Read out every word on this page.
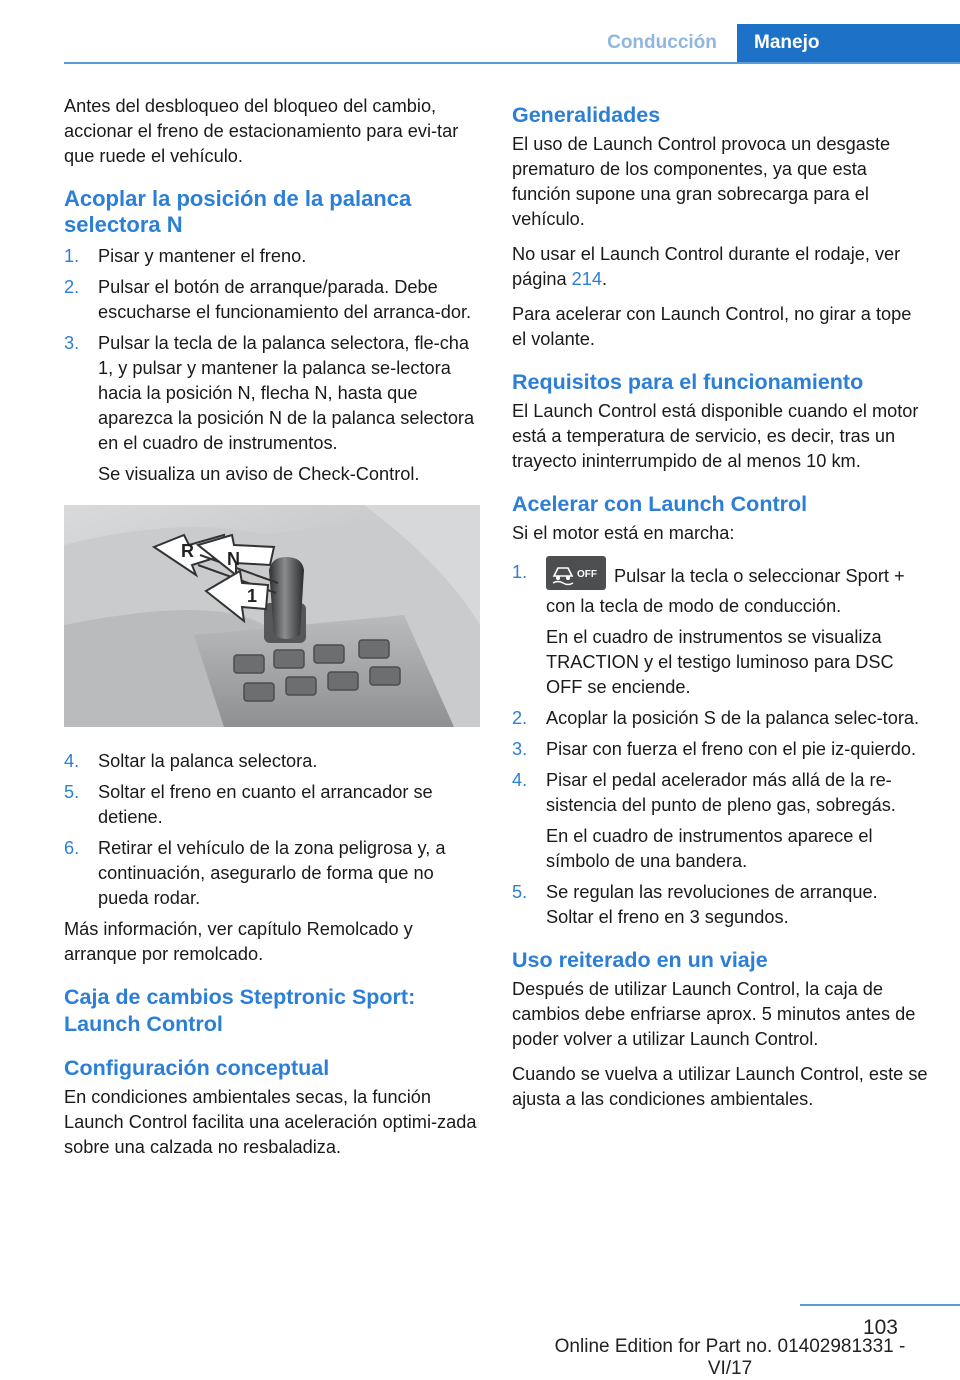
Conducción	Manejo

Antes del desbloqueo del bloqueo del cambio, accionar el freno de estacionamiento para evi-tar que ruede el vehículo.

Acoplar la posición de la palanca selectora N
1.	Pisar y mantener el freno.
2.	Pulsar el botón de arranque/parada. Debe escucharse el funcionamiento del arranca-dor.
3.	Pulsar la tecla de la palanca selectora, fle-cha 1, y pulsar y mantener la palanca se-lectora hacia la posición N, flecha N, hasta que aparezca la posición N de la palanca selectora en el cuadro de instrumentos.
Se visualiza un aviso de Check-Control.
R N
1
4.	Soltar la palanca selectora.
5.	Soltar el freno en cuanto el arrancador se detiene.
6.	Retirar el vehículo de la zona peligrosa y, a continuación, asegurarlo de forma que no pueda rodar.

Más información, ver capítulo Remolcado y arranque por remolcado.

Caja de cambios Steptronic Sport: Launch Control
Configuración conceptual

En condiciones ambientales secas, la función Launch Control facilita una aceleración optimi-zada sobre una calzada no resbaladiza.

Generalidades

El uso de Launch Control provoca un desgaste prematuro de los componentes, ya que esta función supone una gran sobrecarga para el vehículo.

No usar el Launch Control durante el rodaje, ver página 214.

Para acelerar con Launch Control, no girar a tope el volante.

Requisitos para el funcionamiento

El Launch Control está disponible cuando el motor está a temperatura de servicio, es decir, tras un trayecto ininterrumpido de al menos 10 km.

Acelerar con Launch Control

Si el motor está en marcha:

1.	OFF Pulsar la tecla o seleccionar Sport + con la tecla de modo de conducción.
En el cuadro de instrumentos se visualiza TRACTION y el testigo luminoso para DSC OFF se enciende.
2.	Acoplar la posición S de la palanca selec-tora.
3.	Pisar con fuerza el freno con el pie iz-quierdo.
4.	Pisar el pedal acelerador más allá de la re-sistencia del punto de pleno gas, sobregás.
En el cuadro de instrumentos aparece el símbolo de una bandera.
5.	Se regulan las revoluciones de arranque. Soltar el freno en 3 segundos.
Uso reiterado en un viaje

Después de utilizar Launch Control, la caja de cambios debe enfriarse aprox. 5 minutos antes de poder volver a utilizar Launch Control.

Cuando se vuelva a utilizar Launch Control, este se ajusta a las condiciones ambientales.

103
Online Edition for Part no. 01402981331 - VI/17
